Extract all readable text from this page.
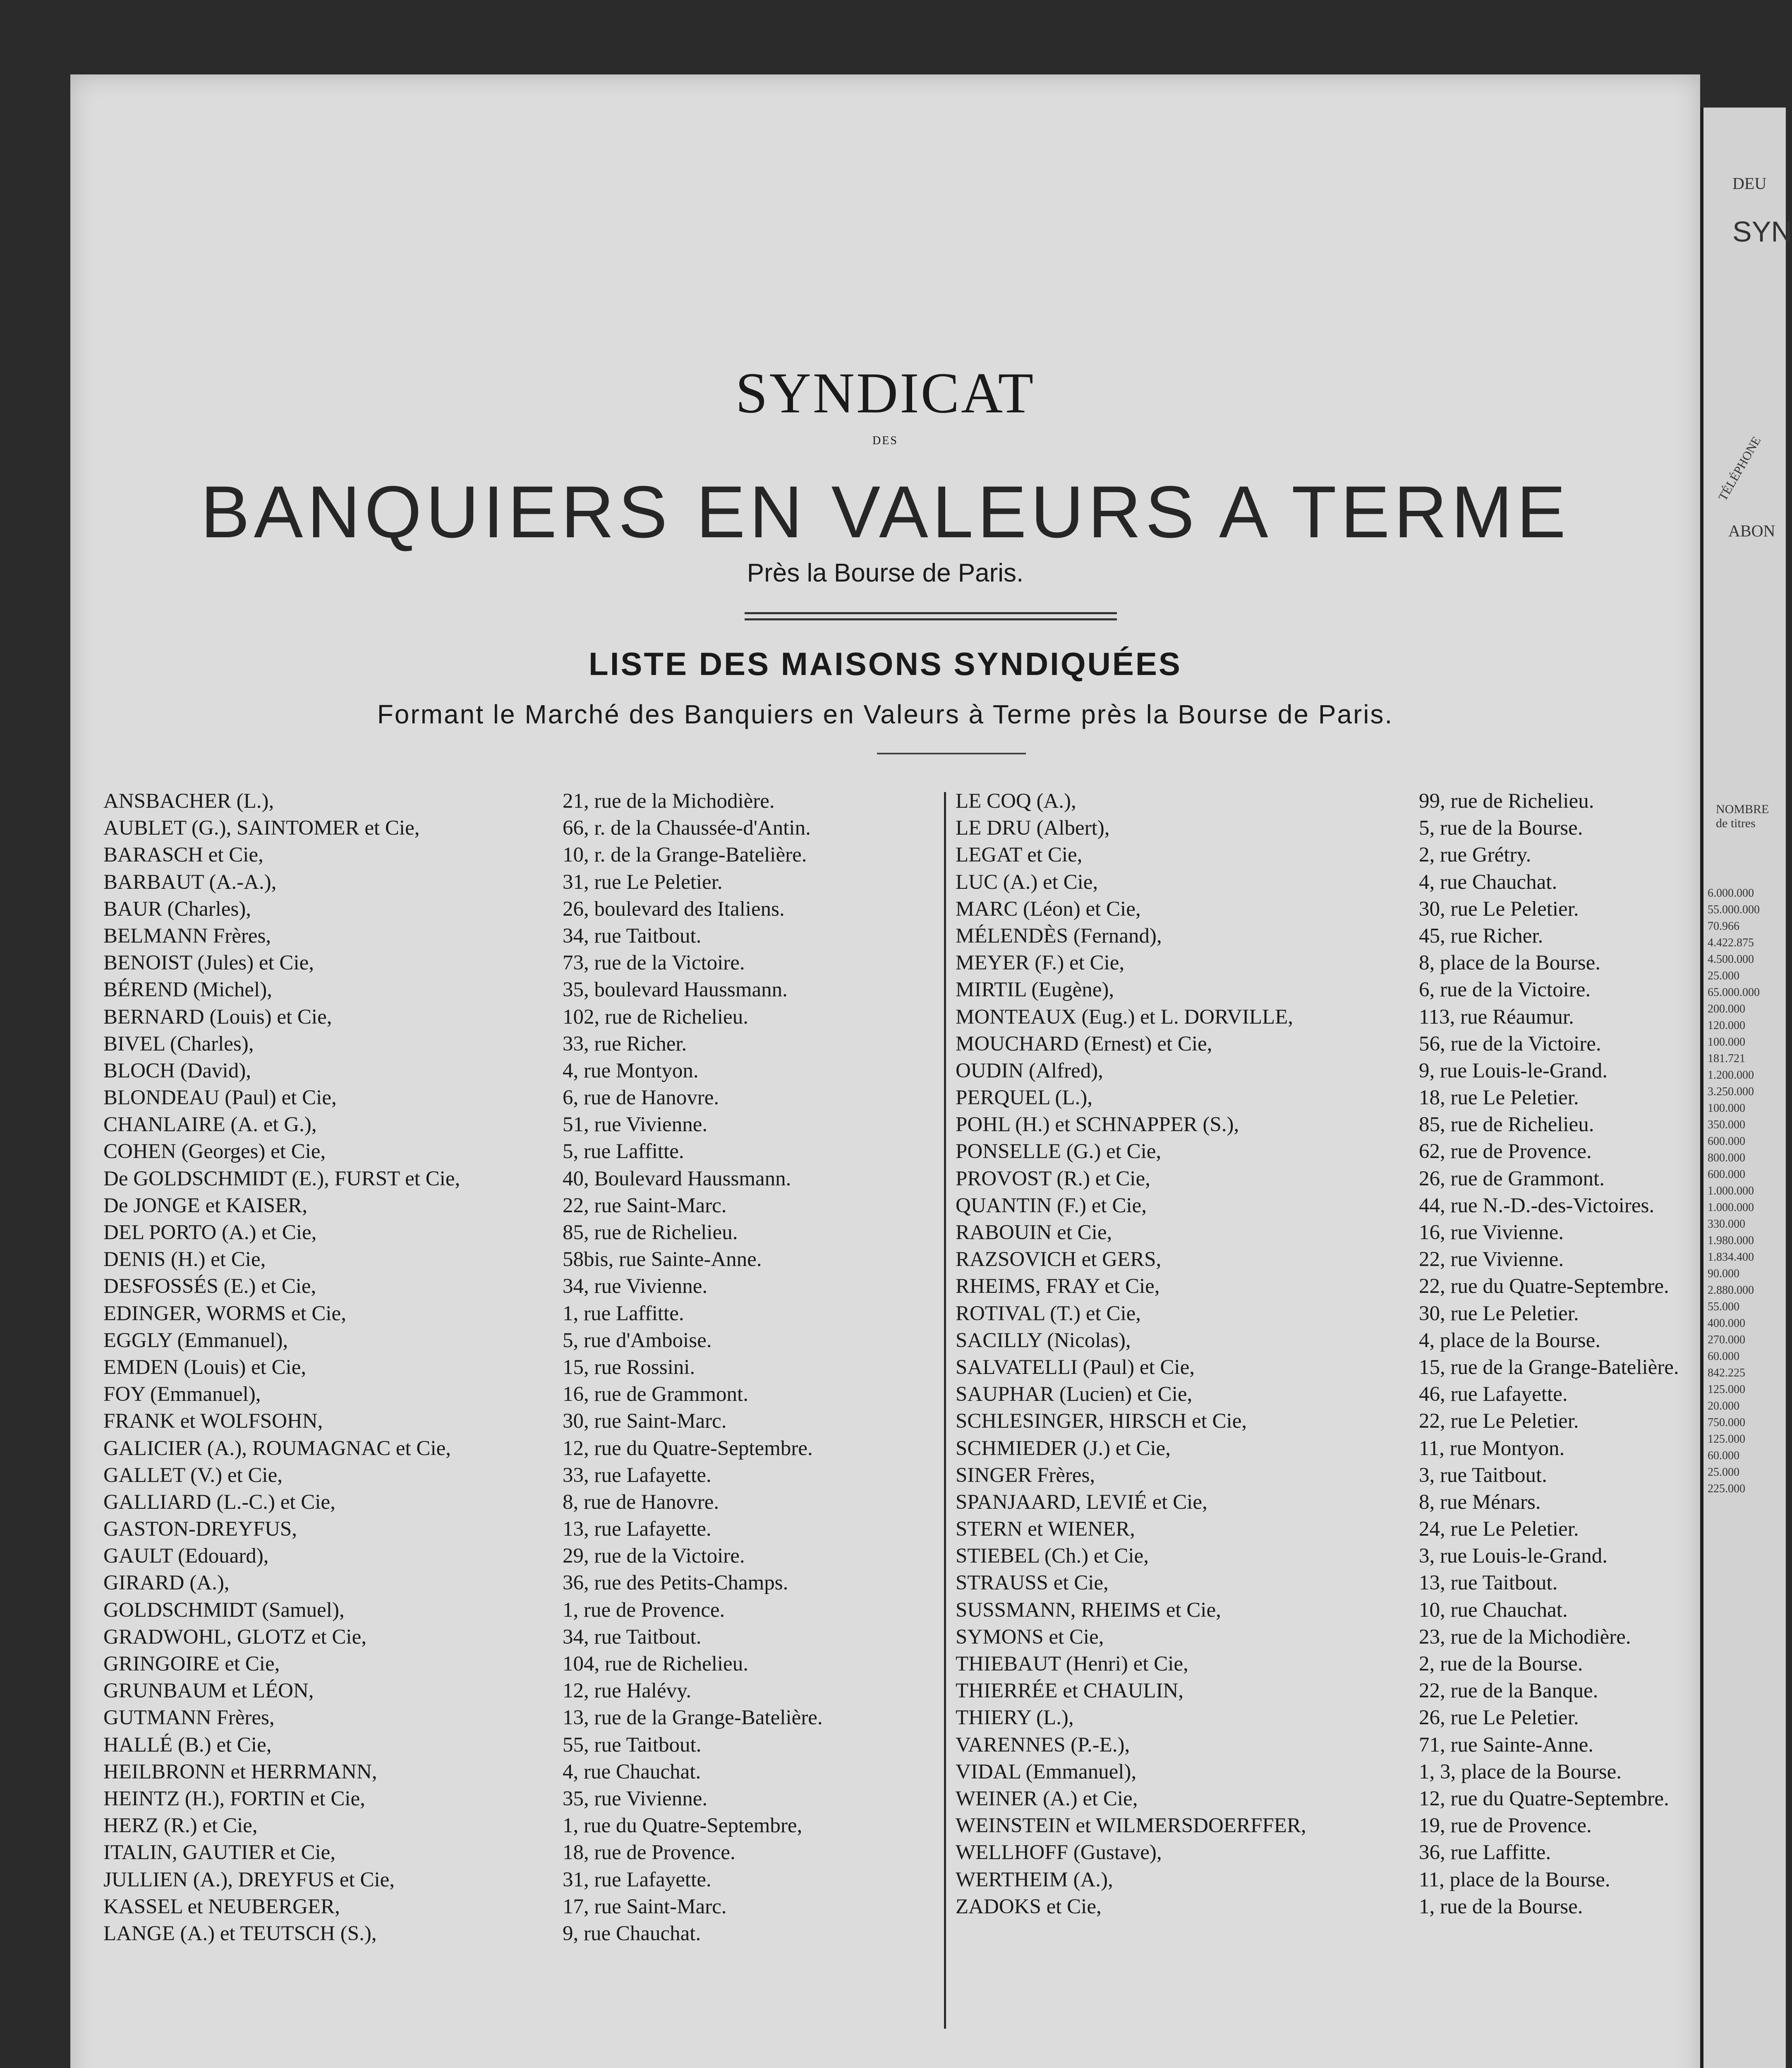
SYNDICAT
DES
BANQUIERS EN VALEURS A TERME
Près la Bourse de Paris.
LISTE DES MAISONS SYNDIQUÉES
Formant le Marché des Banquiers en Valeurs à Terme près la Bourse de Paris.
ANSBACHER (L.),	21, rue de la Michodière.
AUBLET (G.), SAINTOMER et Cie,	66, r. de la Chaussée-d'Antin.
BARASCH et Cie,	10, r. de la Grange-Batelière.
BARBAUT (A.-A.),	31, rue Le Peletier.
BAUR (Charles),	26, boulevard des Italiens.
BELMANN Frères,	34, rue Taitbout.
BENOIST (Jules) et Cie,	73, rue de la Victoire.
BÉREND (Michel),	35, boulevard Haussmann.
BERNARD (Louis) et Cie,	102, rue de Richelieu.
BIVEL (Charles),	33, rue Richer.
BLOCH (David),	4, rue Montyon.
BLONDEAU (Paul) et Cie,	6, rue de Hanovre.
CHANLAIRE (A. et G.),	51, rue Vivienne.
COHEN (Georges) et Cie,	5, rue Laffitte.
De GOLDSCHMIDT (E.), FURST et Cie,	40, Boulevard Haussmann.
De JONGE et KAISER,	22, rue Saint-Marc.
DEL PORTO (A.) et Cie,	85, rue de Richelieu.
DENIS (H.) et Cie,	58bis, rue Sainte-Anne.
DESFOSSÉS (E.) et Cie,	34, rue Vivienne.
EDINGER, WORMS et Cie,	1, rue Laffitte.
EGGLY (Emmanuel),	5, rue d'Amboise.
EMDEN (Louis) et Cie,	15, rue Rossini.
FOY (Emmanuel),	16, rue de Grammont.
FRANK et WOLFSOHN,	30, rue Saint-Marc.
GALICIER (A.), ROUMAGNAC et Cie,	12, rue du Quatre-Septembre.
GALLET (V.) et Cie,	33, rue Lafayette.
GALLIARD (L.-C.) et Cie,	8, rue de Hanovre.
GASTON-DREYFUS,	13, rue Lafayette.
GAULT (Edouard),	29, rue de la Victoire.
GIRARD (A.),	36, rue des Petits-Champs.
GOLDSCHMIDT (Samuel),	1, rue de Provence.
GRADWOHL, GLOTZ et Cie,	34, rue Taitbout.
GRINGOIRE et Cie,	104, rue de Richelieu.
GRUNBAUM et LÉON,	12, rue Halévy.
GUTMANN Frères,	13, rue de la Grange-Batelière.
HALLÉ (B.) et Cie,	55, rue Taitbout.
HEILBRONN et HERRMANN,	4, rue Chauchat.
HEINTZ (H.), FORTIN et Cie,	35, rue Vivienne.
HERZ (R.) et Cie,	1, rue du Quatre-Septembre,
ITALIN, GAUTIER et Cie,	18, rue de Provence.
JULLIEN (A.), DREYFUS et Cie,	31, rue Lafayette.
KASSEL et NEUBERGER,	17, rue Saint-Marc.
LANGE (A.) et TEUTSCH (S.),	9, rue Chauchat.
LE COQ (A.),	99, rue de Richelieu.
LE DRU (Albert),	5, rue de la Bourse.
LEGAT et Cie,	2, rue Grétry.
LUC (A.) et Cie,	4, rue Chauchat.
MARC (Léon) et Cie,	30, rue Le Peletier.
MÉLENDÈS (Fernand),	45, rue Richer.
MEYER (F.) et Cie,	8, place de la Bourse.
MIRTIL (Eugène),	6, rue de la Victoire.
MONTEAUX (Eug.) et L. DORVILLE,	113, rue Réaumur.
MOUCHARD (Ernest) et Cie,	56, rue de la Victoire.
OUDIN (Alfred),	9, rue Louis-le-Grand.
PERQUEL (L.),	18, rue Le Peletier.
POHL (H.) et SCHNAPPER (S.),	85, rue de Richelieu.
PONSELLE (G.) et Cie,	62, rue de Provence.
PROVOST (R.) et Cie,	26, rue de Grammont.
QUANTIN (F.) et Cie,	44, rue N.-D.-des-Victoires.
RABOUIN et Cie,	16, rue Vivienne.
RAZSOVICH et GERS,	22, rue Vivienne.
RHEIMS, FRAY et Cie,	22, rue du Quatre-Septembre.
ROTIVAL (T.) et Cie,	30, rue Le Peletier.
SACILLY (Nicolas),	4, place de la Bourse.
SALVATELLI (Paul) et Cie,	15, rue de la Grange-Batelière.
SAUPHAR (Lucien) et Cie,	46, rue Lafayette.
SCHLESINGER, HIRSCH et Cie,	22, rue Le Peletier.
SCHMIEDER (J.) et Cie,	11, rue Montyon.
SINGER Frères,	3, rue Taitbout.
SPANJAARD, LEVIÉ et Cie,	8, rue Ménars.
STERN et WIENER,	24, rue Le Peletier.
STIEBEL (Ch.) et Cie,	3, rue Louis-le-Grand.
STRAUSS et Cie,	13, rue Taitbout.
SUSSMANN, RHEIMS et Cie,	10, rue Chauchat.
SYMONS et Cie,	23, rue de la Michodière.
THIEBAUT (Henri) et Cie,	2, rue de la Bourse.
THIERRÉE et CHAULIN,	22, rue de la Banque.
THIERY (L.),	26, rue Le Peletier.
VARENNES (P.-E.),	71, rue Sainte-Anne.
VIDAL (Emmanuel),	1, 3, place de la Bourse.
WEINER (A.) et Cie,	12, rue du Quatre-Septembre.
WEINSTEIN et WILMERSDOERFFER,	19, rue de Provence.
WELLHOFF (Gustave),	36, rue Laffitte.
WERTHEIM (A.),	11, place de la Bourse.
ZADOKS et Cie,	1, rue de la Bourse.
DEU
SYN
TÉLÉPHONE
ABON
NOMBRE de titres
6.000.000
55.000.000
70.966
4.422.875
4.500.000
25.000
65.000.000
200.000
120.000
100.000
181.721
1.200.000
3.250.000
100.000
350.000
600.000
800.000
600.000
1.000.000
1.000.000
330.000
1.980.000
1.834.400
90.000
2.880.000
55.000
400.000
270.000
60.000
842.225
125.000
20.000
750.000
125.000
60.000
25.000
225.000
